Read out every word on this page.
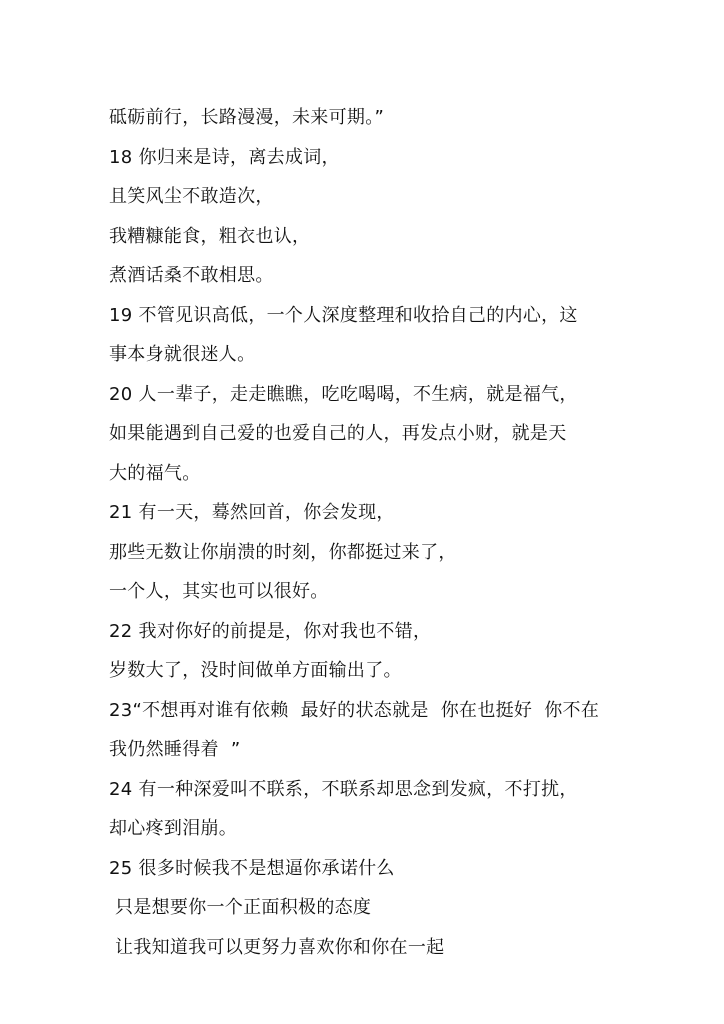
砥砺前行，长路漫漫，未来可期。”
18 你归来是诗，离去成词，
且笑风尘不敢造次，
我糟糠能食，粗衣也认，
煮酒话桑不敢相思。
19 不管见识高低，一个人深度整理和收拾自己的内心，这
事本身就很迷人。
20 人一辈子，走走瞧瞧，吃吃喝喝，不生病，就是福气，
如果能遇到自己爱的也爱自己的人，再发点小财，就是天
大的福气。
21 有一天，蓦然回首，你会发现，
那些无数让你崩溃的时刻，你都挺过来了，
一个人，其实也可以很好。
22 我对你好的前提是，你对我也不错，
岁数大了，没时间做单方面输出了。
23“不想再对谁有依赖  最好的状态就是  你在也挺好  你不在
我仍然睡得着  ”
24 有一种深爱叫不联系，不联系却思念到发疯，不打扰，
却心疼到泪崩。
25 很多时候我不是想逼你承诺什么
只是想要你一个正面积极的态度
让我知道我可以更努力喜欢你和你在一起
